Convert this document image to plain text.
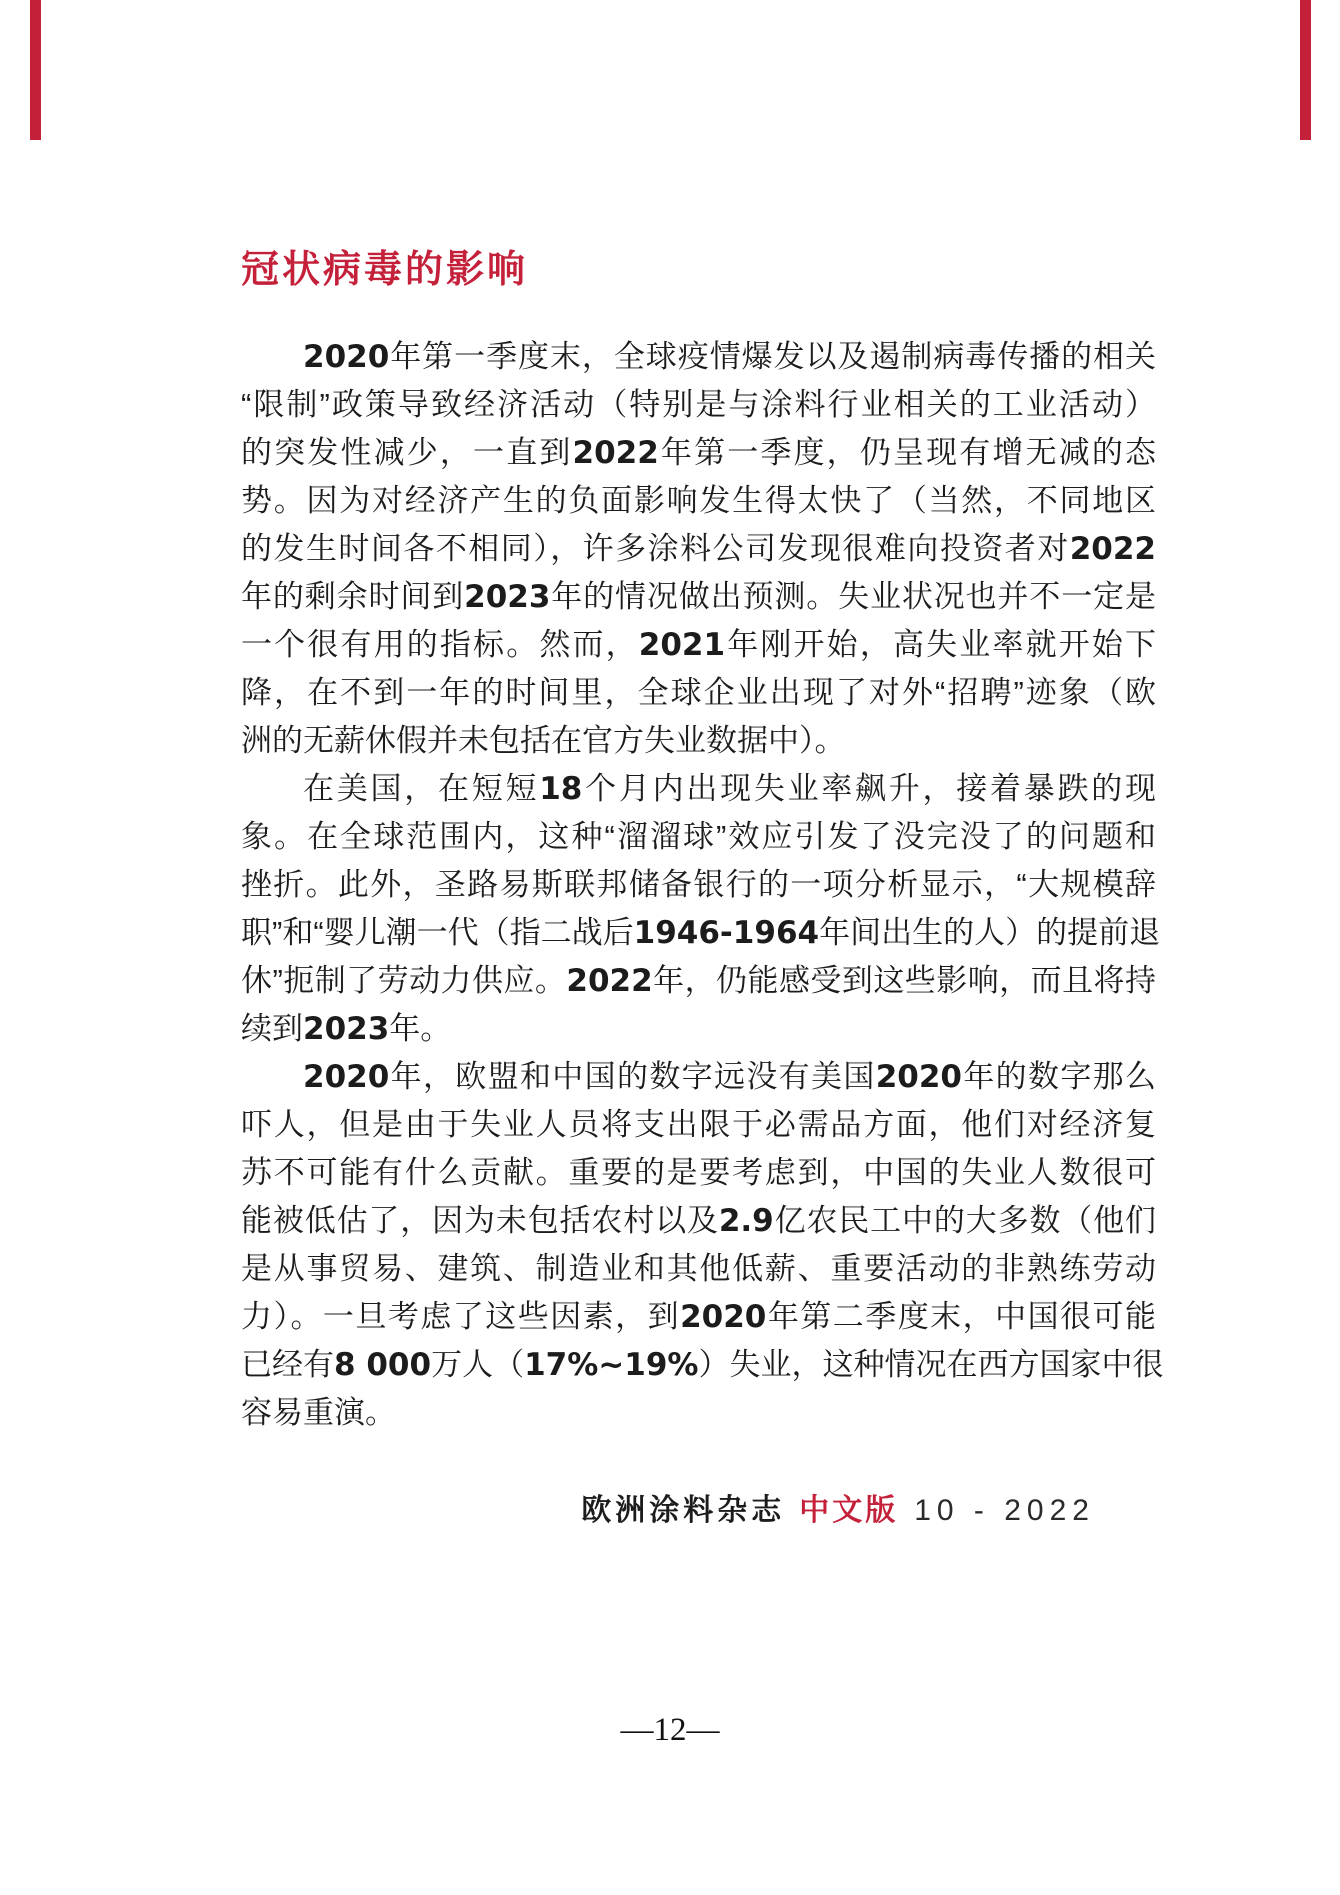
冠状病毒的影响
2020年第一季度末，全球疫情爆发以及遏制病毒传播的相关
“限制”政策导致经济活动（特别是与涂料行业相关的工业活动）
的突发性减少，一直到2022年第一季度，仍呈现有增无减的态
势。因为对经济产生的负面影响发生得太快了（当然，不同地区
的发生时间各不相同），许多涂料公司发现很难向投资者对2022
年的剩余时间到2023年的情况做出预测。失业状况也并不一定是
一个很有用的指标。然而，2021年刚开始，高失业率就开始下
降，在不到一年的时间里，全球企业出现了对外“招聘”迹象（欧
洲的无薪休假并未包括在官方失业数据中）。
在美国，在短短18个月内出现失业率飙升，接着暴跌的现
象。在全球范围内，这种“溜溜球”效应引发了没完没了的问题和
挫折。此外，圣路易斯联邦储备银行的一项分析显示，“大规模辞
职”和“婴儿潮一代（指二战后1946-1964年间出生的人）的提前退
休”扼制了劳动力供应。2022年，仍能感受到这些影响，而且将持
续到2023年。
2020年，欧盟和中国的数字远没有美国2020年的数字那么
吓人，但是由于失业人员将支出限于必需品方面，他们对经济复
苏不可能有什么贡献。重要的是要考虑到，中国的失业人数很可
能被低估了，因为未包括农村以及2.9亿农民工中的大多数（他们
是从事贸易、建筑、制造业和其他低薪、重要活动的非熟练劳动
力）。一旦考虑了这些因素，到2020年第二季度末，中国很可能
已经有8 000万人（17%~19%）失业，这种情况在西方国家中很
容易重演。
欧洲涂料杂志 中文版 10 - 2022
—12—
